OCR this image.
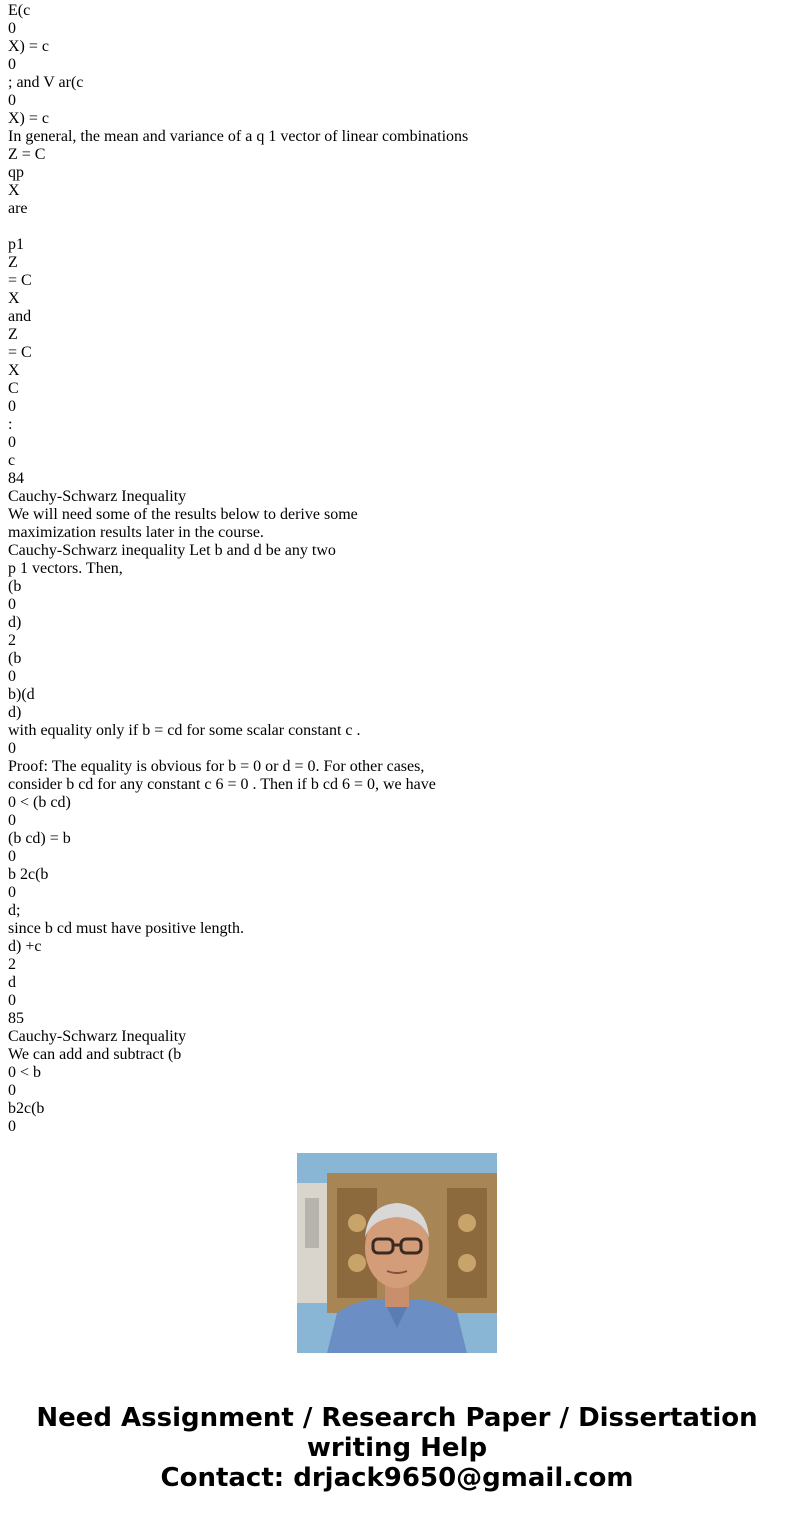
E(c
0
X) = c
0
; and V ar(c
0
X) = c
In general, the mean and variance of a q 1 vector of linear combinations
Z = C
qp
X
are
p1
Z
= C
X
and
Z
= C
X
C
0
:
0
c
84
Cauchy-Schwarz Inequality
We will need some of the results below to derive some
maximization results later in the course.
Cauchy-Schwarz inequality Let b and d be any two
p 1 vectors. Then,
(b
0
d)
2
(b
0
b)(d
d)
with equality only if b = cd for some scalar constant c .
0
Proof: The equality is obvious for b = 0 or d = 0. For other cases,
consider b cd for any constant c 6 = 0 . Then if b cd 6 = 0, we have
0 < (b cd)
0
(b cd) = b
0
b 2c(b
0
d;
since b cd must have positive length.
d) +c
2
d
0
85
Cauchy-Schwarz Inequality
We can add and subtract (b
0 < b
0
b2c(b
0
Need Assignment / Research Paper / Dissertation
writing Help
Contact: drjack9650@gmail.com
